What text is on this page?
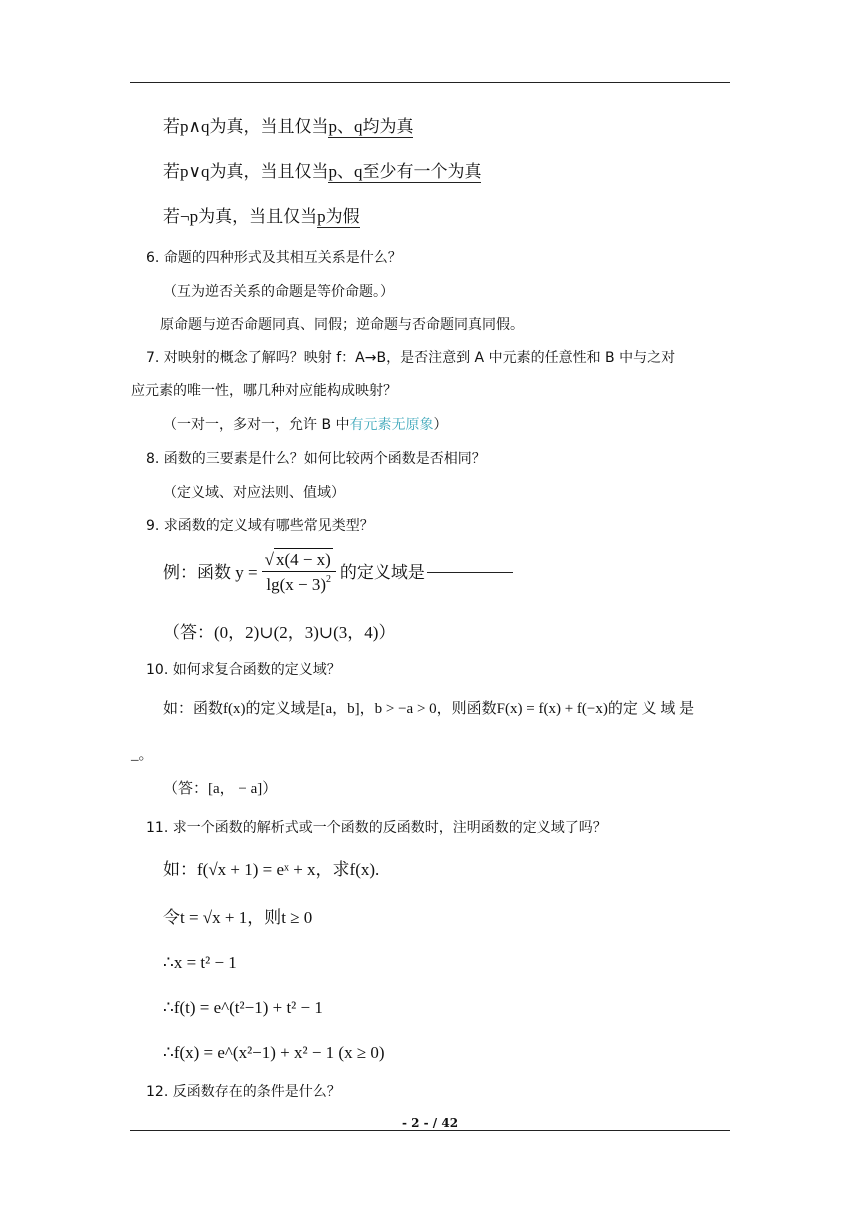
若p∧q为真，当且仅当p、q均为真
若p∨q为真，当且仅当p、q至少有一个为真
若¬p为真，当且仅当p为假
6. 命题的四种形式及其相互关系是什么？
（互为逆否关系的命题是等价命题。）
原命题与逆否命题同真、同假；逆命题与否命题同真同假。
7. 对映射的概念了解吗？映射 f：A→B，是否注意到 A 中元素的任意性和 B 中与之对
应元素的唯一性，哪几种对应能构成映射？
（一对一，多对一，允许 B 中有元素无原象）
8. 函数的三要素是什么？如何比较两个函数是否相同？
（定义域、对应法则、值域）
9. 求函数的定义域有哪些常见类型？
例：函数 $y = \frac{√ x(4 - x)}{\lg(x - 3)^2}$ 的定义域是
（答：(0，2)∪(2，3)∪(3，4)）
10. 如何求复合函数的定义域？
如：函数f(x)的定义域是[a，b]，b > −a > 0，则函数F(x) = f(x) + f(−x)的定 义 域 是
_。
（答：[a， − a]）
11. 求一个函数的解析式或一个函数的反函数时，注明函数的定义域了吗？
如：f(√x + 1) = eˣ + x，求f(x).
令t = √x + 1，则t ≥ 0
∴x = t² − 1
∴f(t) = e^(t²−1) + t² − 1
∴f(x) = e^(x²−1) + x² − 1 (x ≥ 0)
12. 反函数存在的条件是什么？
- 2 - / 42
